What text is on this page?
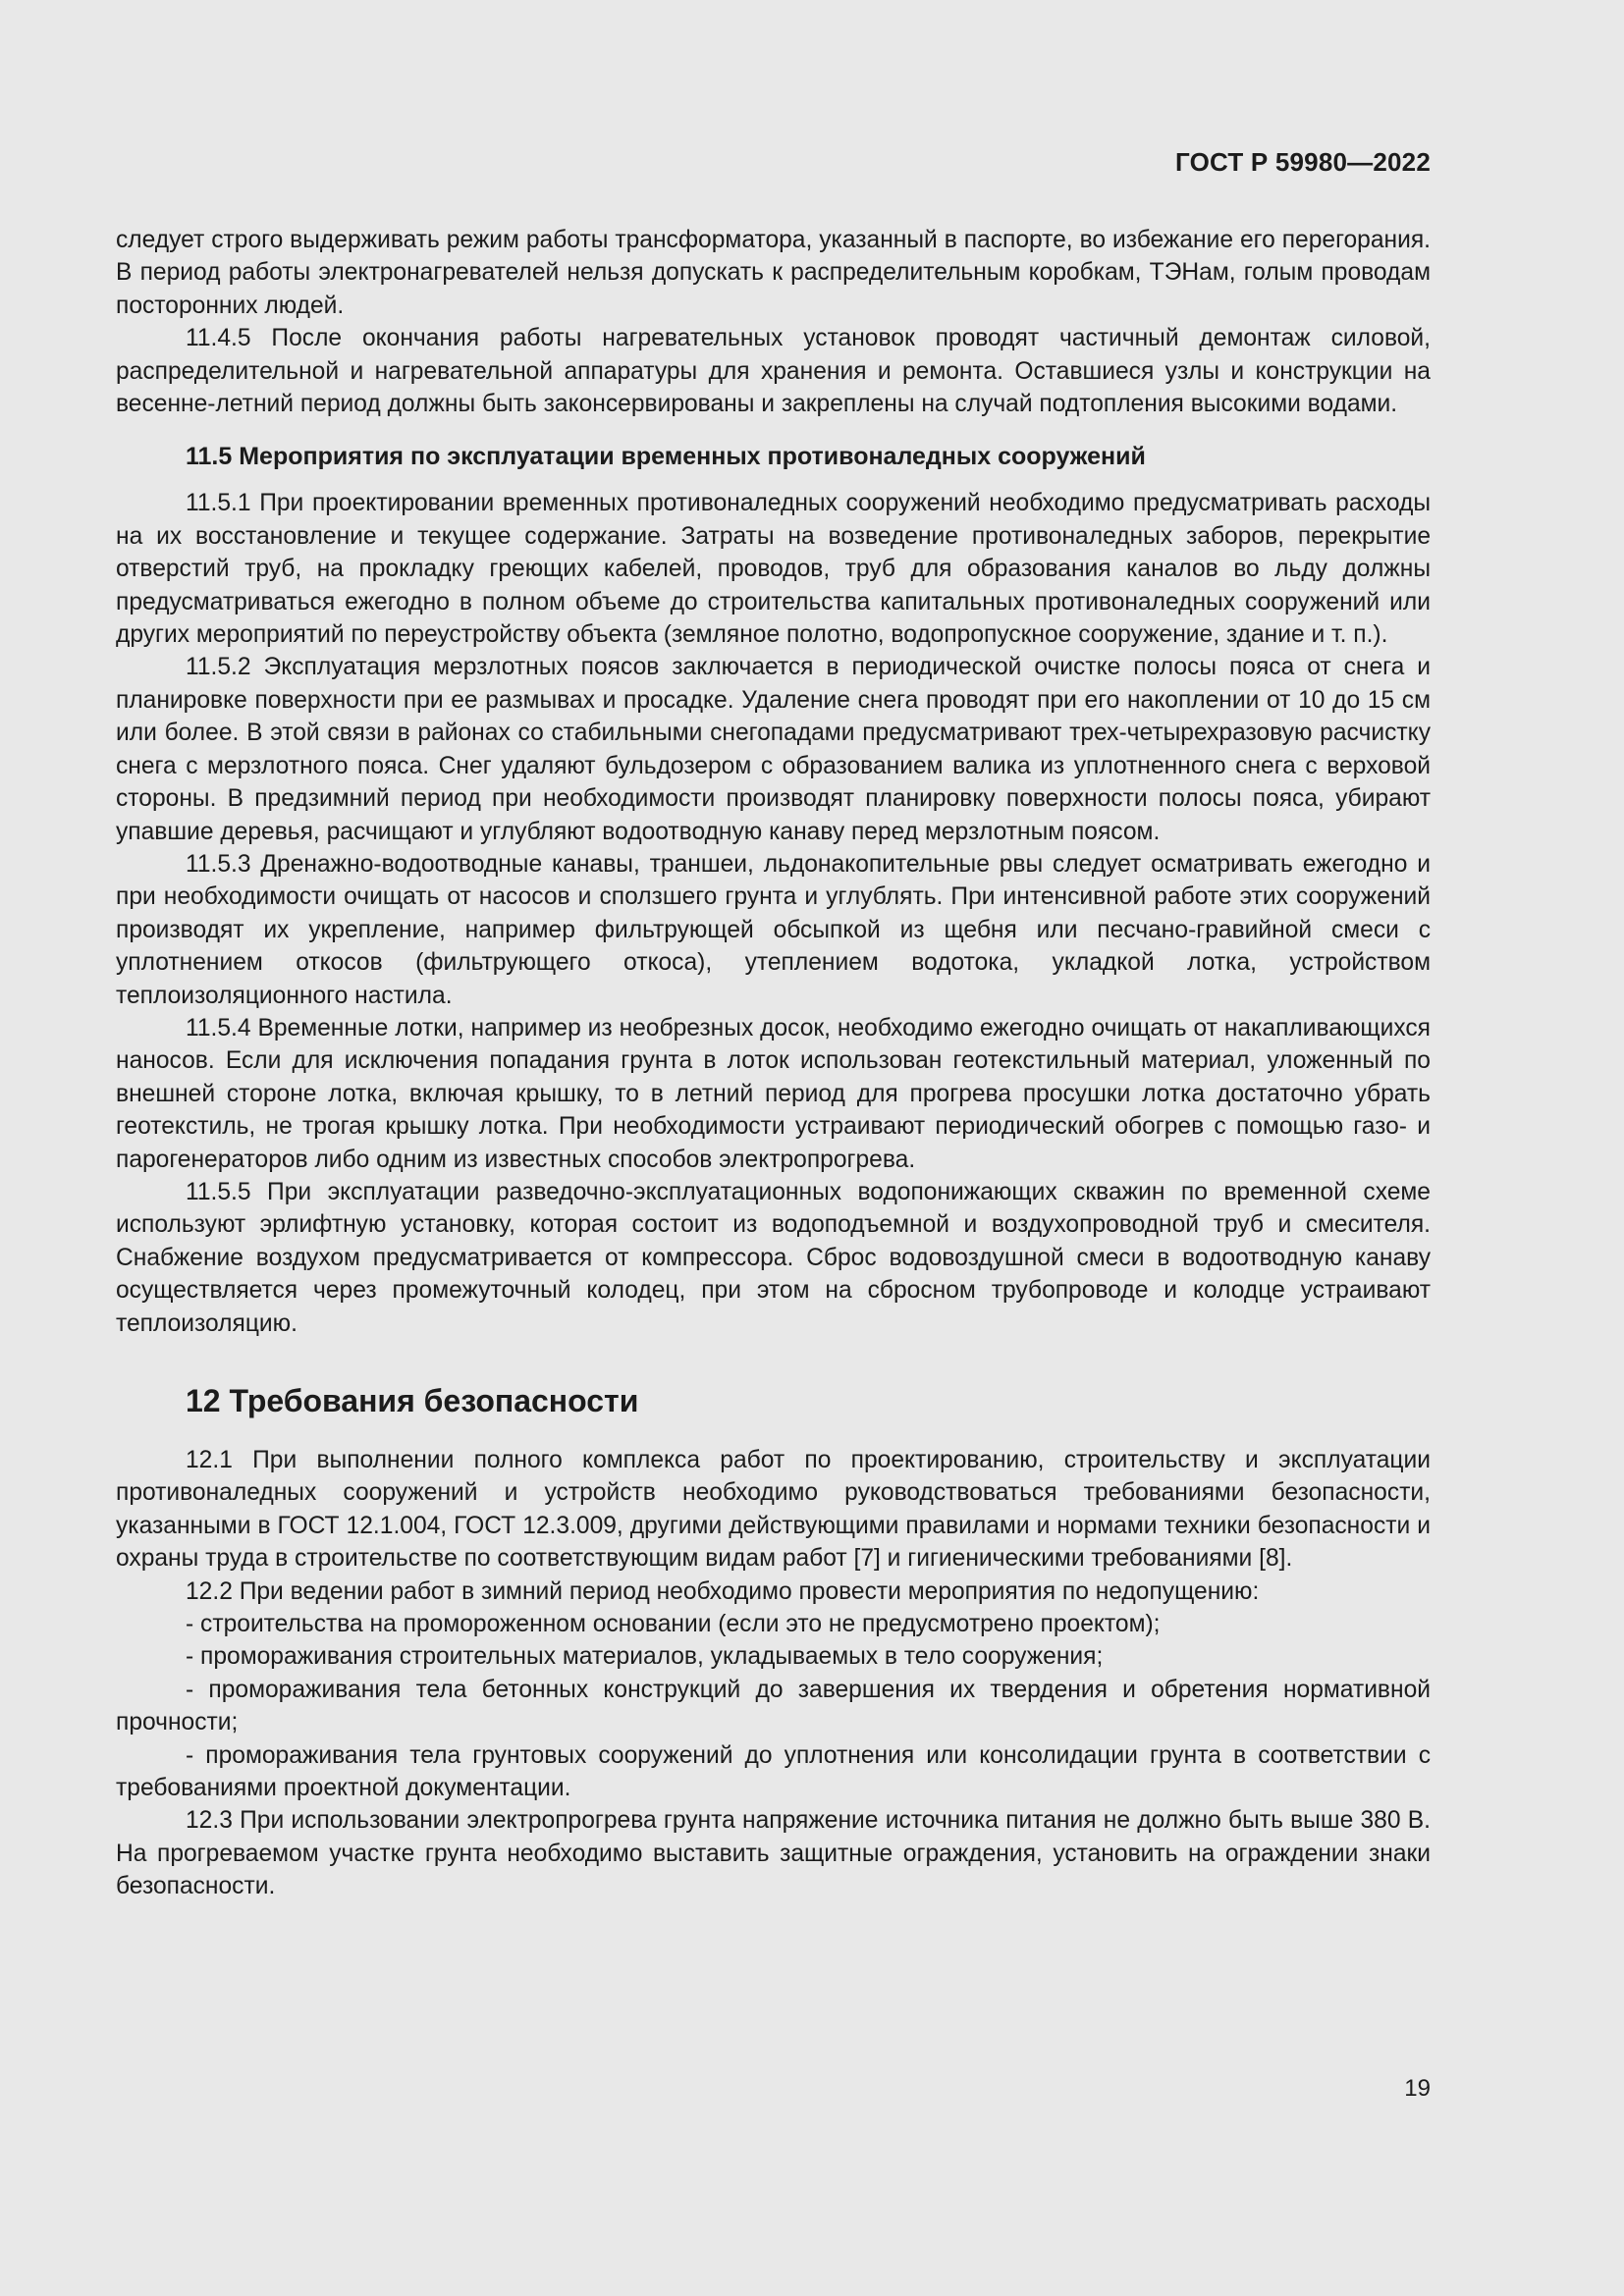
ГОСТ Р 59980—2022

следует строго выдерживать режим работы трансформатора, указанный в паспорте, во избежание его перегорания. В период работы электронагревателей нельзя допускать к распределительным коробкам, ТЭНам, голым проводам посторонних людей.

11.4.5 После окончания работы нагревательных установок проводят частичный демонтаж силовой, распределительной и нагревательной аппаратуры для хранения и ремонта. Оставшиеся узлы и конструкции на весенне-летний период должны быть законсервированы и закреплены на случай подтопления высокими водами.

11.5 Мероприятия по эксплуатации временных противоналедных сооружений

11.5.1 При проектировании временных противоналедных сооружений необходимо предусматривать расходы на их восстановление и текущее содержание. Затраты на возведение противоналедных заборов, перекрытие отверстий труб, на прокладку греющих кабелей, проводов, труб для образования каналов во льду должны предусматриваться ежегодно в полном объеме до строительства капитальных противоналедных сооружений или других мероприятий по переустройству объекта (земляное полотно, водопропускное сооружение, здание и т. п.).

11.5.2 Эксплуатация мерзлотных поясов заключается в периодической очистке полосы пояса от снега и планировке поверхности при ее размывах и просадке. Удаление снега проводят при его накоплении от 10 до 15 см или более. В этой связи в районах со стабильными снегопадами предусматривают трех-четырехразовую расчистку снега с мерзлотного пояса. Снег удаляют бульдозером с образованием валика из уплотненного снега с верховой стороны. В предзимний период при необходимости производят планировку поверхности полосы пояса, убирают упавшие деревья, расчищают и углубляют водоотводную канаву перед мерзлотным поясом.

11.5.3 Дренажно-водоотводные канавы, траншеи, льдонакопительные рвы следует осматривать ежегодно и при необходимости очищать от насосов и сползшего грунта и углублять. При интенсивной работе этих сооружений производят их укрепление, например фильтрующей обсыпкой из щебня или песчано-гравийной смеси с уплотнением откосов (фильтрующего откоса), утеплением водотока, укладкой лотка, устройством теплоизоляционного настила.

11.5.4 Временные лотки, например из необрезных досок, необходимо ежегодно очищать от накапливающихся наносов. Если для исключения попадания грунта в лоток использован геотекстильный материал, уложенный по внешней стороне лотка, включая крышку, то в летний период для прогрева просушки лотка достаточно убрать геотекстиль, не трогая крышку лотка. При необходимости устраивают периодический обогрев с помощью газо- и парогенераторов либо одним из известных способов электропрогрева.

11.5.5 При эксплуатации разведочно-эксплуатационных водопонижающих скважин по временной схеме используют эрлифтную установку, которая состоит из водоподъемной и воздухопроводной труб и смесителя. Снабжение воздухом предусматривается от компрессора. Сброс водовоздушной смеси в водоотводную канаву осуществляется через промежуточный колодец, при этом на сбросном трубопроводе и колодце устраивают теплоизоляцию.

12 Требования безопасности

12.1 При выполнении полного комплекса работ по проектированию, строительству и эксплуатации противоналедных сооружений и устройств необходимо руководствоваться требованиями безопасности, указанными в ГОСТ 12.1.004, ГОСТ 12.3.009, другими действующими правилами и нормами техники безопасности и охраны труда в строительстве по соответствующим видам работ [7] и гигиеническими требованиями [8].

12.2 При ведении работ в зимний период необходимо провести мероприятия по недопущению:

- строительства на промороженном основании (если это не предусмотрено проектом);

- промораживания строительных материалов, укладываемых в тело сооружения;

- промораживания тела бетонных конструкций до завершения их твердения и обретения нормативной прочности;

- промораживания тела грунтовых сооружений до уплотнения или консолидации грунта в соответствии с требованиями проектной документации.

12.3 При использовании электропрогрева грунта напряжение источника питания не должно быть выше 380 В. На прогреваемом участке грунта необходимо выставить защитные ограждения, установить на ограждении знаки безопасности.

19
